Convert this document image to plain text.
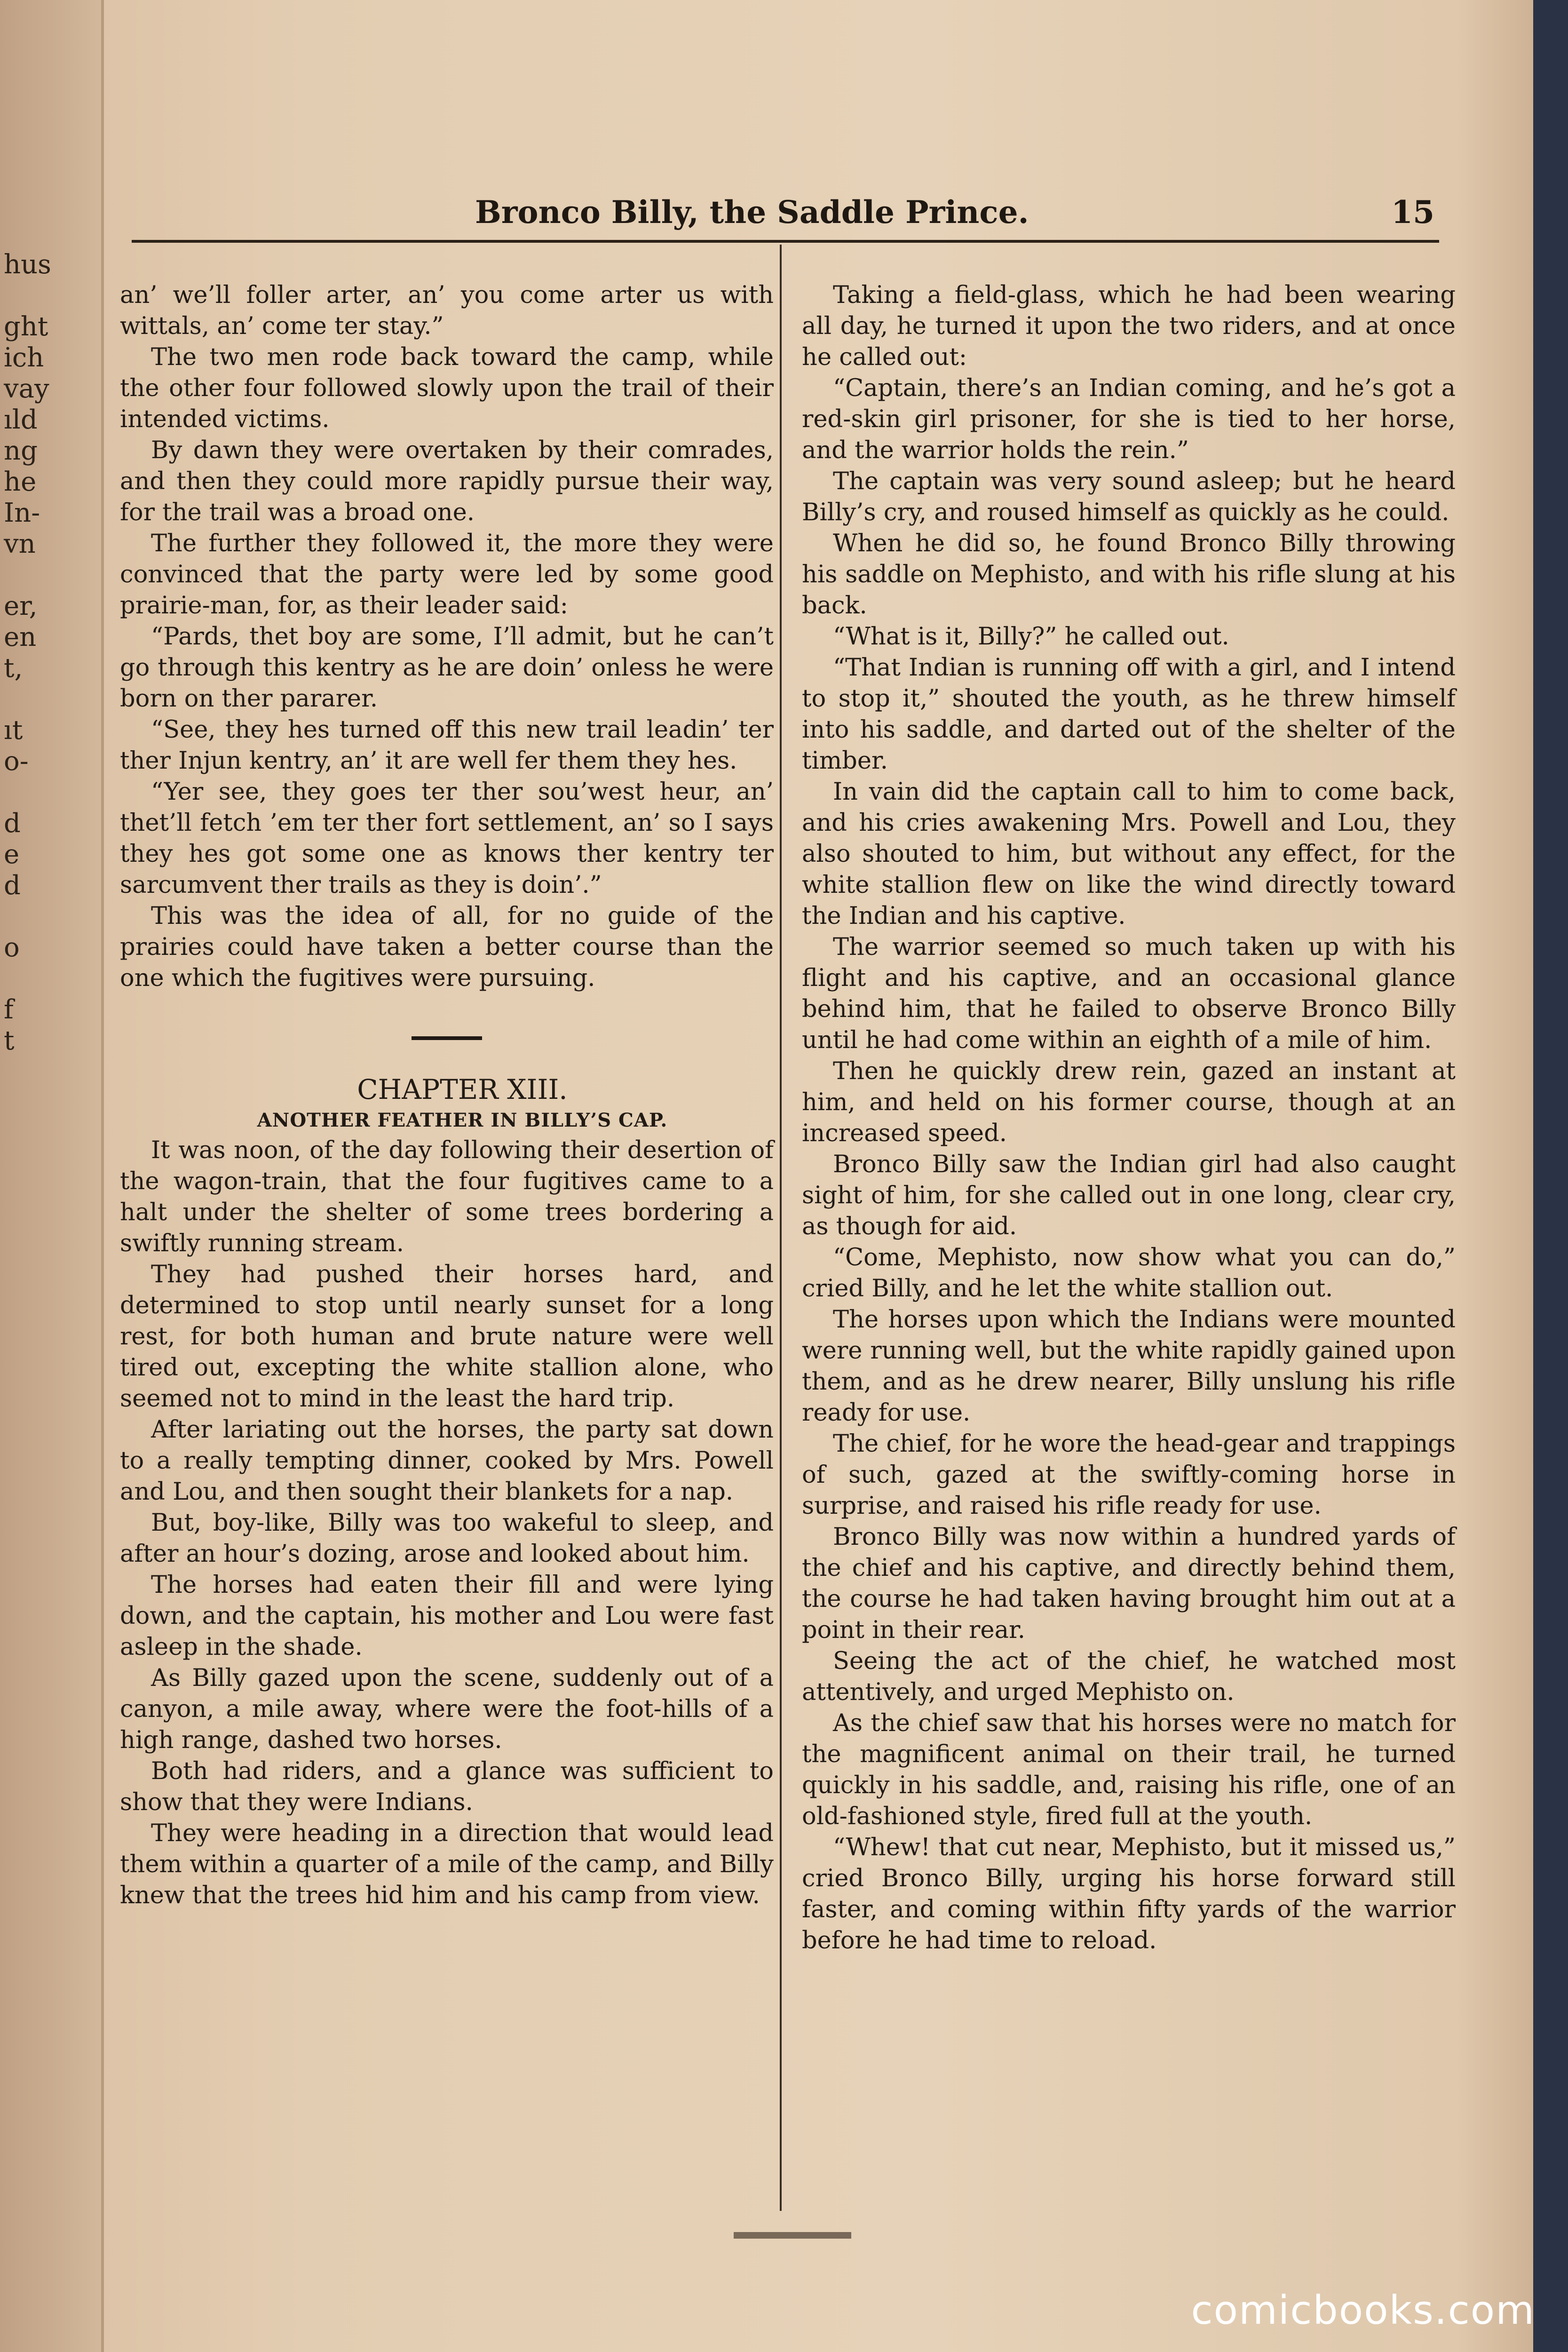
hus

ght
ich
vay
ıld
ng
he
In-
vn

er,
en
t,

ıt
o-

d
e
d

o

f
t
Bronco Billy, the Saddle Prince.	15

an’ we’ll foller arter, an’ you come arter us with wittals, an’ come ter stay.”

The two men rode back toward the camp, while the other four followed slowly upon the trail of their intended victims.

By dawn they were overtaken by their comrades, and then they could more rapidly pursue their way, for the trail was a broad one.

The further they followed it, the more they were convinced that the party were led by some good prairie-man, for, as their leader said:

“Pards, thet boy are some, I’ll admit, but he can’t go through this kentry as he are doin’ onless he were born on ther pararer.

“See, they hes turned off this new trail leadin’ ter ther Injun kentry, an’ it are well fer them they hes.

“Yer see, they goes ter ther sou’west heur, an’ thet’ll fetch ’em ter ther fort settlement, an’ so I says they hes got some one as knows ther kentry ter sarcumvent ther trails as they is doin’.”

This was the idea of all, for no guide of the prairies could have taken a better course than the one which the fugitives were pursuing.

CHAPTER XIII.

ANOTHER FEATHER IN BILLY’S CAP.

It was noon, of the day following their desertion of the wagon-train, that the four fugitives came to a halt under the shelter of some trees bordering a swiftly running stream.

They had pushed their horses hard, and determined to stop until nearly sunset for a long rest, for both human and brute nature were well tired out, excepting the white stallion alone, who seemed not to mind in the least the hard trip.

After lariating out the horses, the party sat down to a really tempting dinner, cooked by Mrs. Powell and Lou, and then sought their blankets for a nap.

But, boy-like, Billy was too wakeful to sleep, and after an hour’s dozing, arose and looked about him.

The horses had eaten their fill and were lying down, and the captain, his mother and Lou were fast asleep in the shade.

As Billy gazed upon the scene, suddenly out of a canyon, a mile away, where were the foot-hills of a high range, dashed two horses.

Both had riders, and a glance was sufficient to show that they were Indians.

They were heading in a direction that would lead them within a quarter of a mile of the camp, and Billy knew that the trees hid him and his camp from view.

Taking a field-glass, which he had been wearing all day, he turned it upon the two riders, and at once he called out:

“Captain, there’s an Indian coming, and he’s got a red-skin girl prisoner, for she is tied to her horse, and the warrior holds the rein.”

The captain was very sound asleep; but he heard Billy’s cry, and roused himself as quickly as he could.

When he did so, he found Bronco Billy throwing his saddle on Mephisto, and with his rifle slung at his back.

“What is it, Billy?” he called out.

“That Indian is running off with a girl, and I intend to stop it,” shouted the youth, as he threw himself into his saddle, and darted out of the shelter of the timber.

In vain did the captain call to him to come back, and his cries awakening Mrs. Powell and Lou, they also shouted to him, but without any effect, for the white stallion flew on like the wind directly toward the Indian and his captive.

The warrior seemed so much taken up with his flight and his captive, and an occasional glance behind him, that he failed to observe Bronco Billy until he had come within an eighth of a mile of him.

Then he quickly drew rein, gazed an instant at him, and held on his former course, though at an increased speed.

Bronco Billy saw the Indian girl had also caught sight of him, for she called out in one long, clear cry, as though for aid.

“Come, Mephisto, now show what you can do,” cried Billy, and he let the white stallion out.

The horses upon which the Indians were mounted were running well, but the white rapidly gained upon them, and as he drew nearer, Billy unslung his rifle ready for use.

The chief, for he wore the head-gear and trappings of such, gazed at the swiftly-coming horse in surprise, and raised his rifle ready for use.

Bronco Billy was now within a hundred yards of the chief and his captive, and directly behind them, the course he had taken having brought him out at a point in their rear.

Seeing the act of the chief, he watched most attentively, and urged Mephisto on.

As the chief saw that his horses were no match for the magnificent animal on their trail, he turned quickly in his saddle, and, raising his rifle, one of an old-fashioned style, fired full at the youth.

“Whew! that cut near, Mephisto, but it missed us,” cried Bronco Billy, urging his horse forward still faster, and coming within fifty yards of the warrior before he had time to reload.

comicbooks.com
